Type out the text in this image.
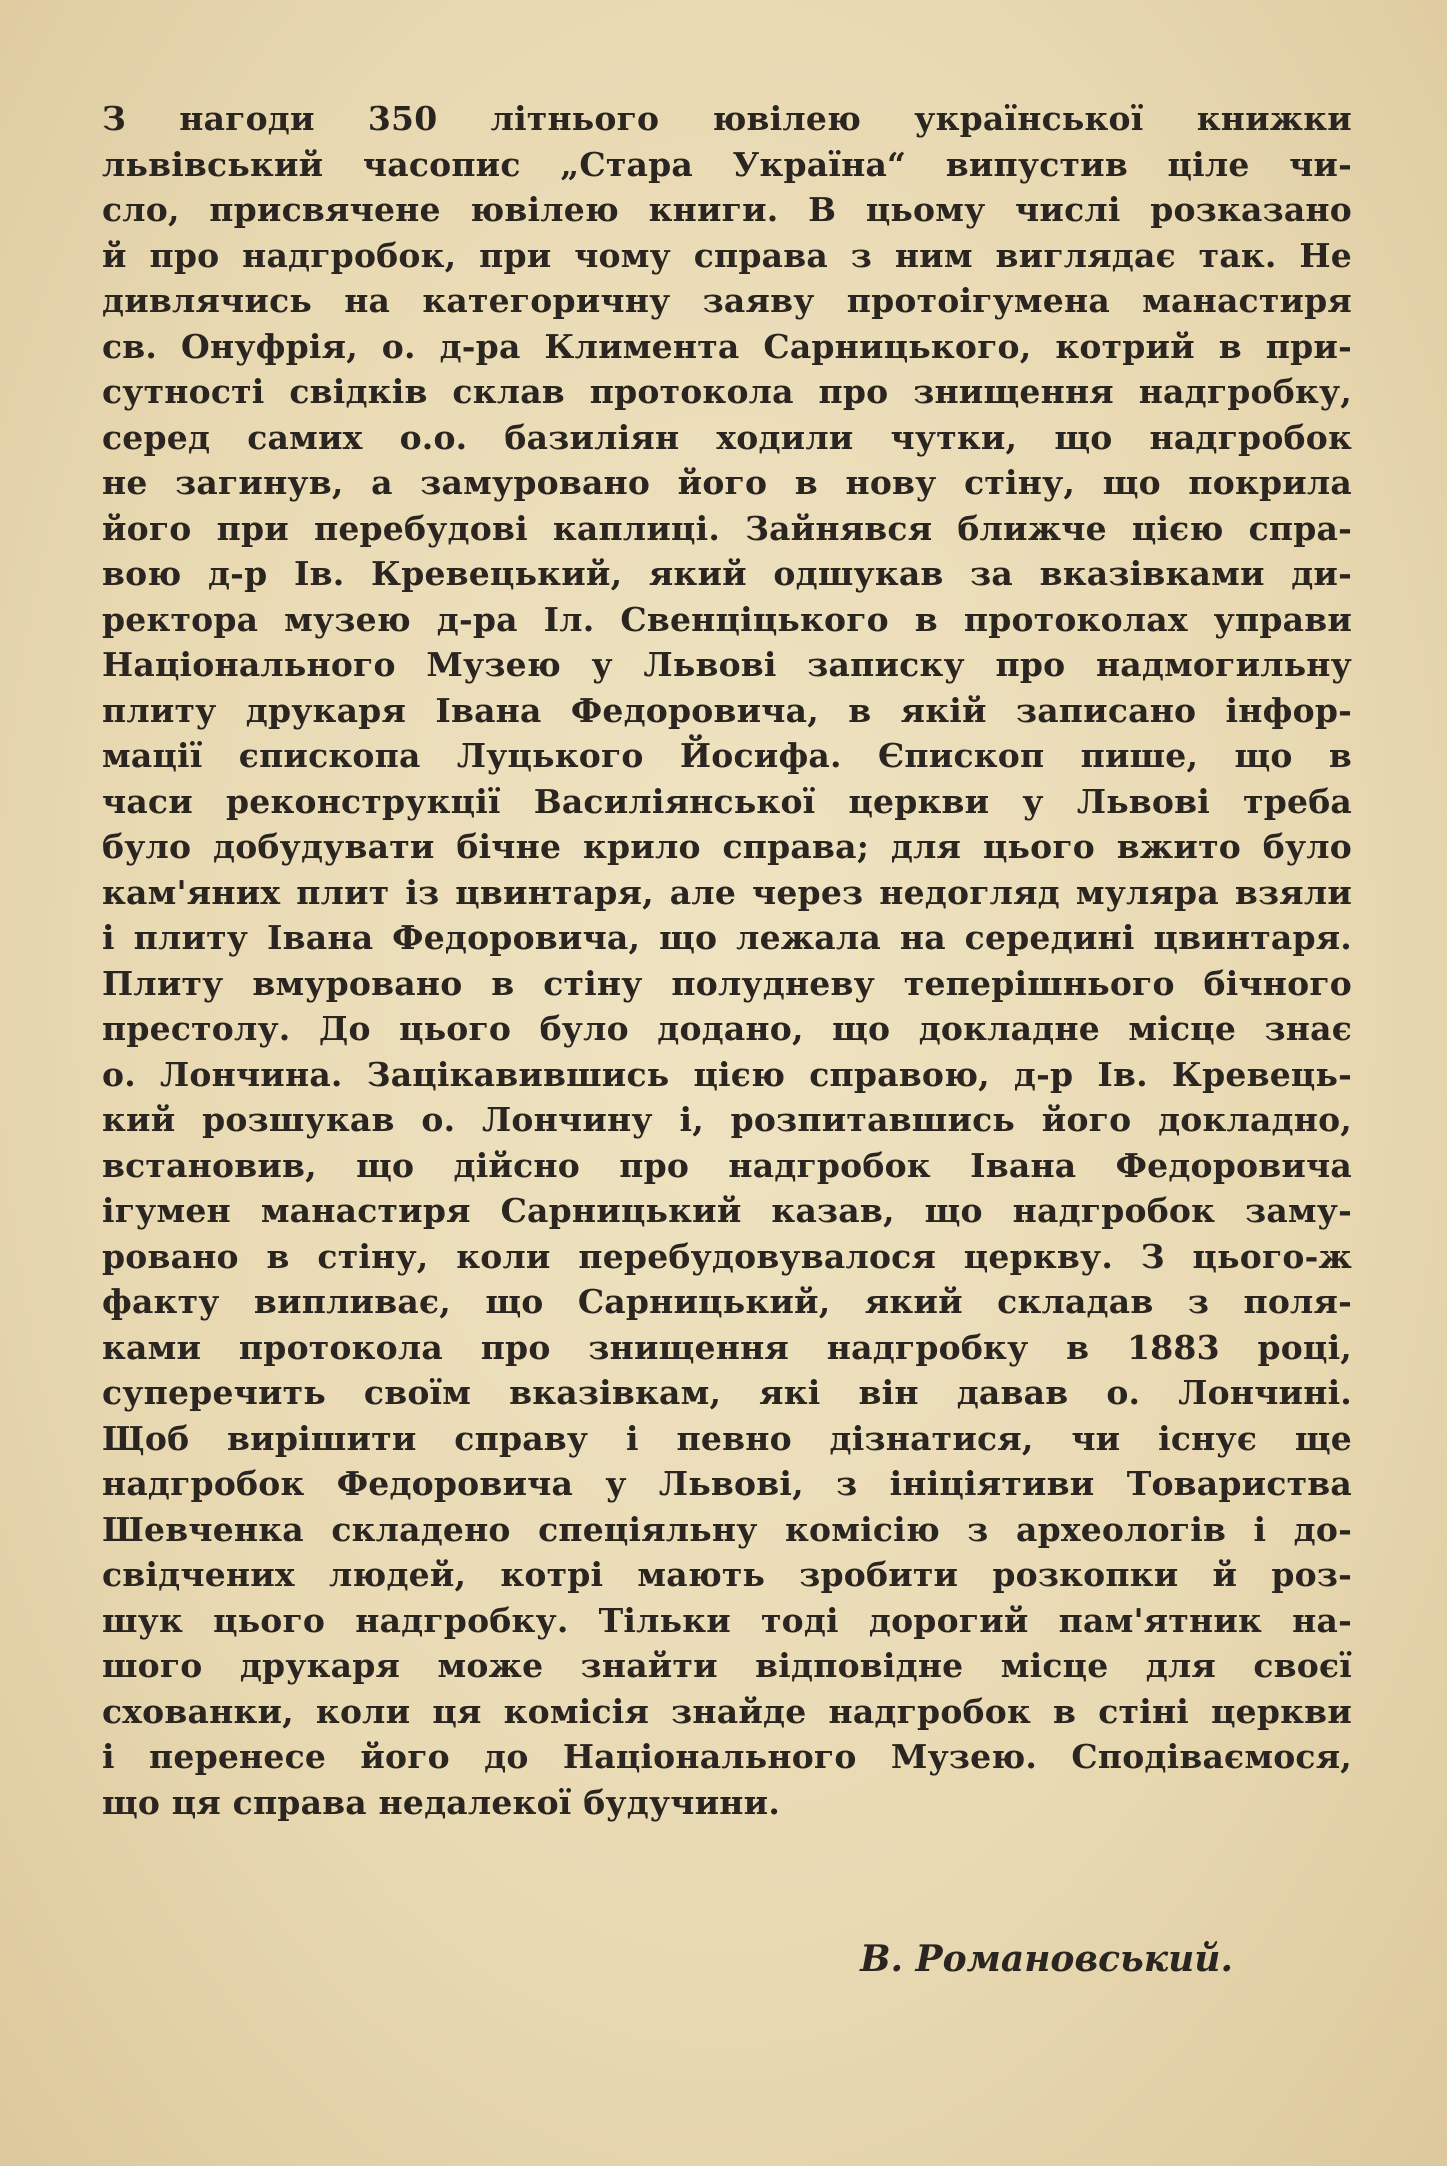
З нагоди 350 літнього ювілею української книжки
львівський часопис „Стара Україна“ випустив ціле чи-
сло, присвячене ювілею книги. В цьому числі розказано
й про надгробок, при чому справа з ним виглядає так. Не
дивлячись на категоричну заяву протоігумена манастиря
св. Онуфрія, о. д-ра Климента Сарницького, котрий в при-
сутності свідків склав протокола про знищення надгробку,
серед самих о.о. базиліян ходили чутки, що надгробок
не загинув, а замуровано його в нову стіну, що покрила
його при перебудові каплиці. Зайнявся ближче цією спра-
вою д-р Ів. Кревецький, який одшукав за вказівками ди-
ректора музею д-ра Іл. Свенціцького в протоколах управи
Національного Музею у Львові записку про надмогильну
плиту друкаря Івана Федоровича, в якій записано інфор-
мації єпископа Луцького Йосифа. Єпископ пише, що в
часи реконструкції Василіянської церкви у Львові треба
було добудувати бічне крило справа; для цього вжито було
кам'яних плит із цвинтаря, але через недогляд муляра взяли
і плиту Івана Федоровича, що лежала на середині цвинтаря.
Плиту вмуровано в стіну полудневу теперішнього бічного
престолу. До цього було додано, що докладне місце знає
о. Лончина. Зацікавившись цією справою, д-р Ів. Кревець-
кий розшукав о. Лончину і, розпитавшись його докладно,
встановив, що дійсно про надгробок Івана Федоровича
ігумен манастиря Сарницький казав, що надгробок заму-
ровано в стіну, коли перебудовувалося церкву. З цього-ж
факту випливає, що Сарницький, який складав з поля-
ками протокола про знищення надгробку в 1883 році,
суперечить своїм вказівкам, які він давав о. Лончині.
Щоб вирішити справу і певно дізнатися, чи існує ще
надгробок Федоровича у Львові, з ініціятиви Товариства
Шевченка складено спеціяльну комісію з археологів і до-
свідчених людей, котрі мають зробити розкопки й роз-
шук цього надгробку. Тільки тоді дорогий пам'ятник на-
шого друкаря може знайти відповідне місце для своєї
схованки, коли ця комісія знайде надгробок в стіні церкви
і перенесе його до Національного Музею. Сподіваємося,
що ця справа недалекої будучини.
В. Романовський.
